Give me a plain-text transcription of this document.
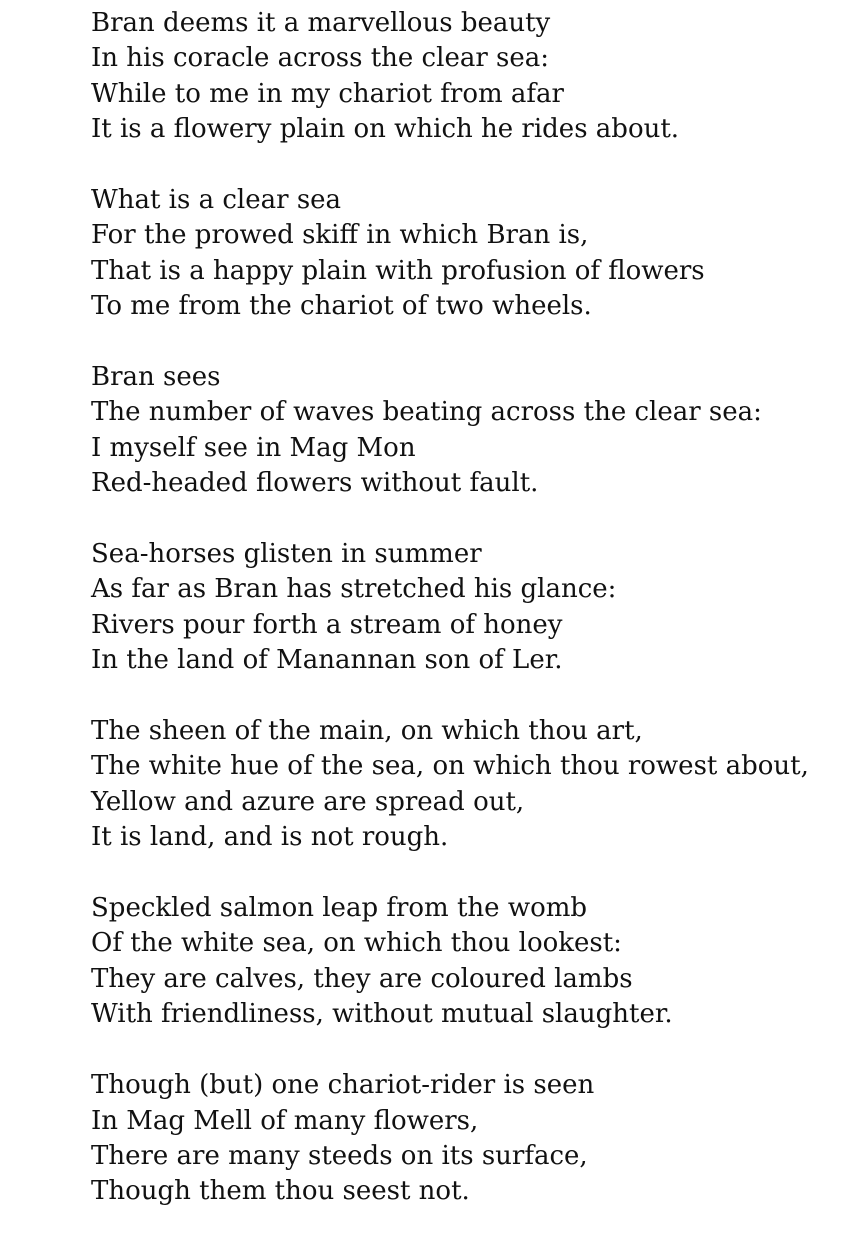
Bran deems it a marvellous beauty
In his coracle across the clear sea:
While to me in my chariot from afar
It is a flowery plain on which he rides about.
What is a clear sea
For the prowed skiff in which Bran is,
That is a happy plain with profusion of flowers
To me from the chariot of two wheels.
Bran sees
The number of waves beating across the clear sea:
I myself see in Mag Mon
Red-headed flowers without fault.
Sea-horses glisten in summer
As far as Bran has stretched his glance:
Rivers pour forth a stream of honey
In the land of Manannan son of Ler.
The sheen of the main, on which thou art,
The white hue of the sea, on which thou rowest about,
Yellow and azure are spread out,
It is land, and is not rough.
Speckled salmon leap from the womb
Of the white sea, on which thou lookest:
They are calves, they are coloured lambs
With friendliness, without mutual slaughter.
Though (but) one chariot-rider is seen
In Mag Mell of many flowers,
There are many steeds on its surface,
Though them thou seest not.
